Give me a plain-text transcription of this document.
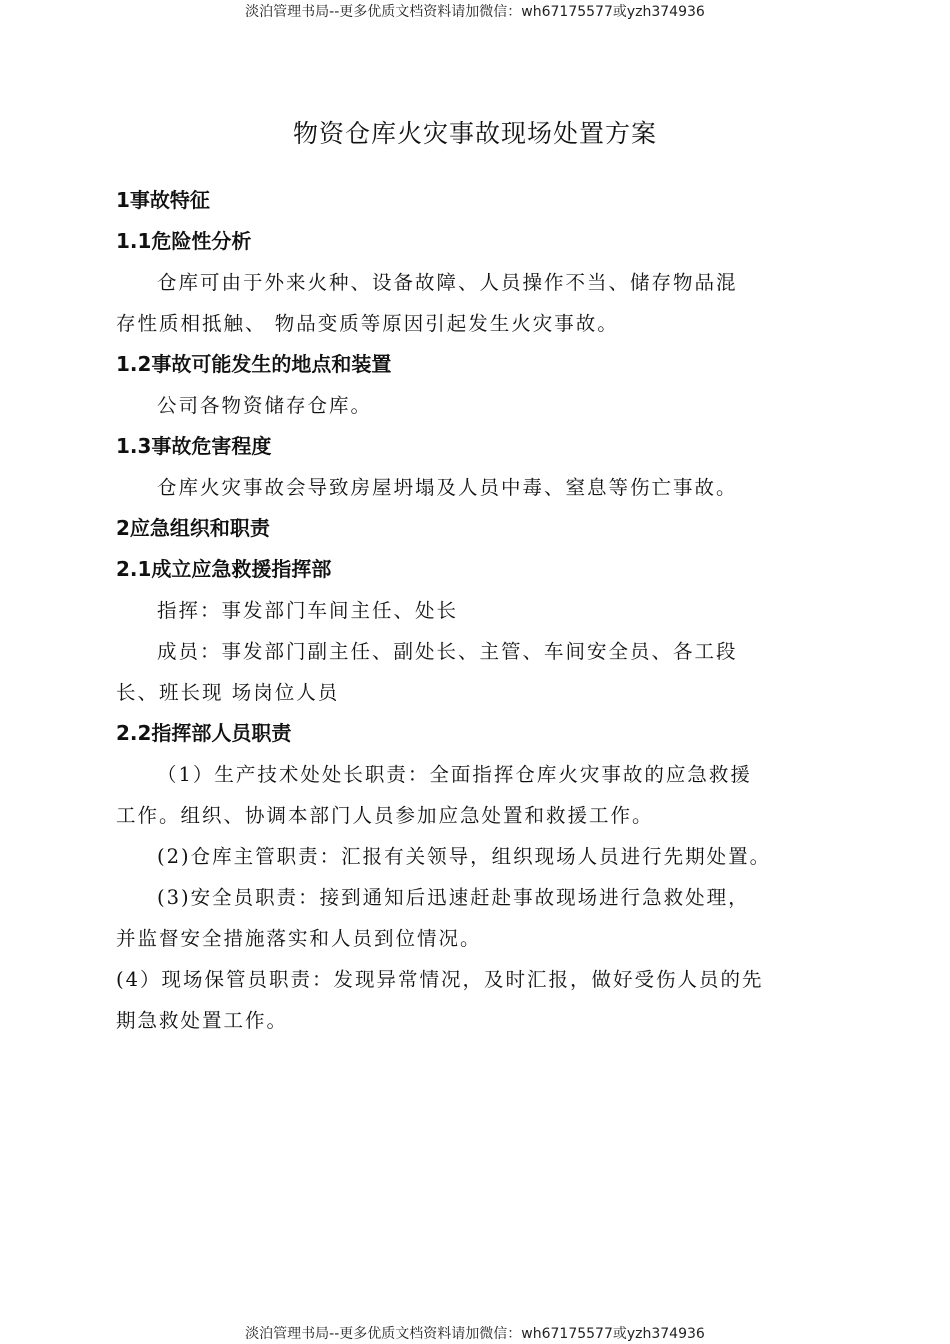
淡泊管理书局--更多优质文档资料请加微信：wh67175577或yzh374936
物资仓库火灾事故现场处置方案
1事故特征
1.1危险性分析
仓库可由于外来火种、设备故障、人员操作不当、储存物品混
存性质相抵触、 物品变质等原因引起发生火灾事故。
1.2事故可能发生的地点和装置
公司各物资储存仓库。
1.3事故危害程度
仓库火灾事故会导致房屋坍塌及人员中毒、窒息等伤亡事故。
2应急组织和职责
2.1成立应急救援指挥部
指挥：事发部门车间主任、处长
成员：事发部门副主任、副处长、主管、车间安全员、各工段
长、班长现 场岗位人员
2.2指挥部人员职责
（1）生产技术处处长职责：全面指挥仓库火灾事故的应急救援
工作。组织、协调本部门人员参加应急处置和救援工作。
(2)仓库主管职责：汇报有关领导，组织现场人员进行先期处置。
(3)安全员职责：接到通知后迅速赶赴事故现场进行急救处理，
并监督安全措施落实和人员到位情况。
(4）现场保管员职责：发现异常情况，及时汇报，做好受伤人员的先
期急救处置工作。
淡泊管理书局--更多优质文档资料请加微信：wh67175577或yzh374936
